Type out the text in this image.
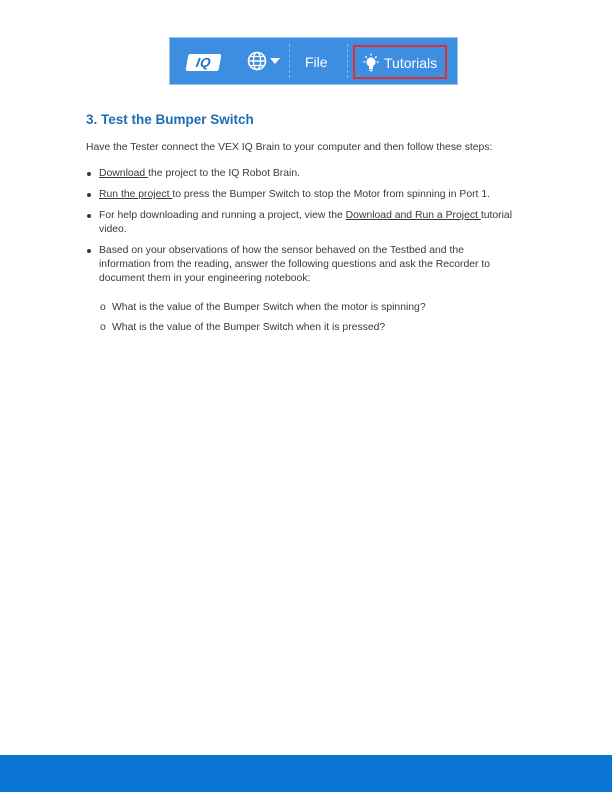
IQ	File	Tutorials
3. Test the Bumper Switch

Have the Tester connect the VEX IQ Brain to your computer and then follow these steps:

Download the project to the IQ Robot Brain.
Run the project to press the Bumper Switch to stop the Motor from spinning in Port 1.
For help downloading and running a project, view the Download and Run a Project tutorial video.
Based on your observations of how the sensor behaved on the Testbed and the information from the reading, answer the following questions and ask the Recorder to document them in your engineering notebook:
o What is the value of the Bumper Switch when the motor is spinning?
o What is the value of the Bumper Switch when it is pressed?
